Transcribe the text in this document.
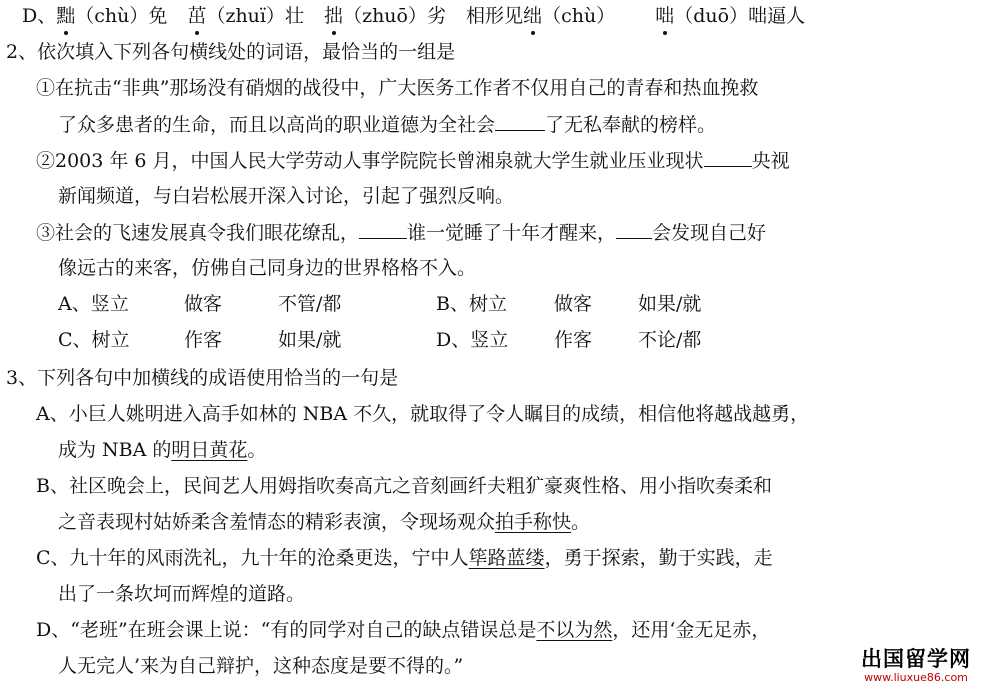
D、黜（chù）免 茁（zhuï）壮 拙（zhuō）劣 相形见绌（chù） 咄（duō）咄逼人
2、依次填入下列各句横线处的词语，最恰当的一组是
①在抗击“非典”那场没有硝烟的战役中，广大医务工作者不仅用自己的青春和热血挽救
了众多患者的生命，而且以高尚的职业道德为全社会	了无私奉献的榜样。
②2003 年 6 月，中国人民大学劳动人事学院院长曾湘泉就大学生就业压业现状	央视
新闻频道，与白岩松展开深入讨论，引起了强烈反响。
③社会的飞速发展真令我们眼花缭乱，	谁一觉睡了十年才醒来， 会发现自己好
像远古的来客，仿佛自己同身边的世界格格不入。
A、竖立	做客	不管/都	B、树立 做客 如果/就
C、树立	作客	如果/就	D、竖立 作客 不论/都
3、下列各句中加横线的成语使用恰当的一句是
A、小巨人姚明进入高手如林的 NBA 不久，就取得了令人瞩目的成绩，相信他将越战越勇，
成为 NBA 的明日黄花。
B、社区晚会上，民间艺人用姆指吹奏高亢之音刻画纤夫粗犷豪爽性格、用小指吹奏柔和
之音表现村姑娇柔含羞情态的精彩表演，令现场观众拍手称快。
C、九十年的风雨洗礼，九十年的沧桑更迭，宁中人筚路蓝缕，勇于探索，勤于实践，走
出了一条坎坷而辉煌的道路。
D、“老班”在班会课上说：“有的同学对自己的缺点错误总是不以为然，还用‘金无足赤，
人无完人’来为自己辩护，这种态度是要不得的。”	出国留学网
www.liuxue86.com
